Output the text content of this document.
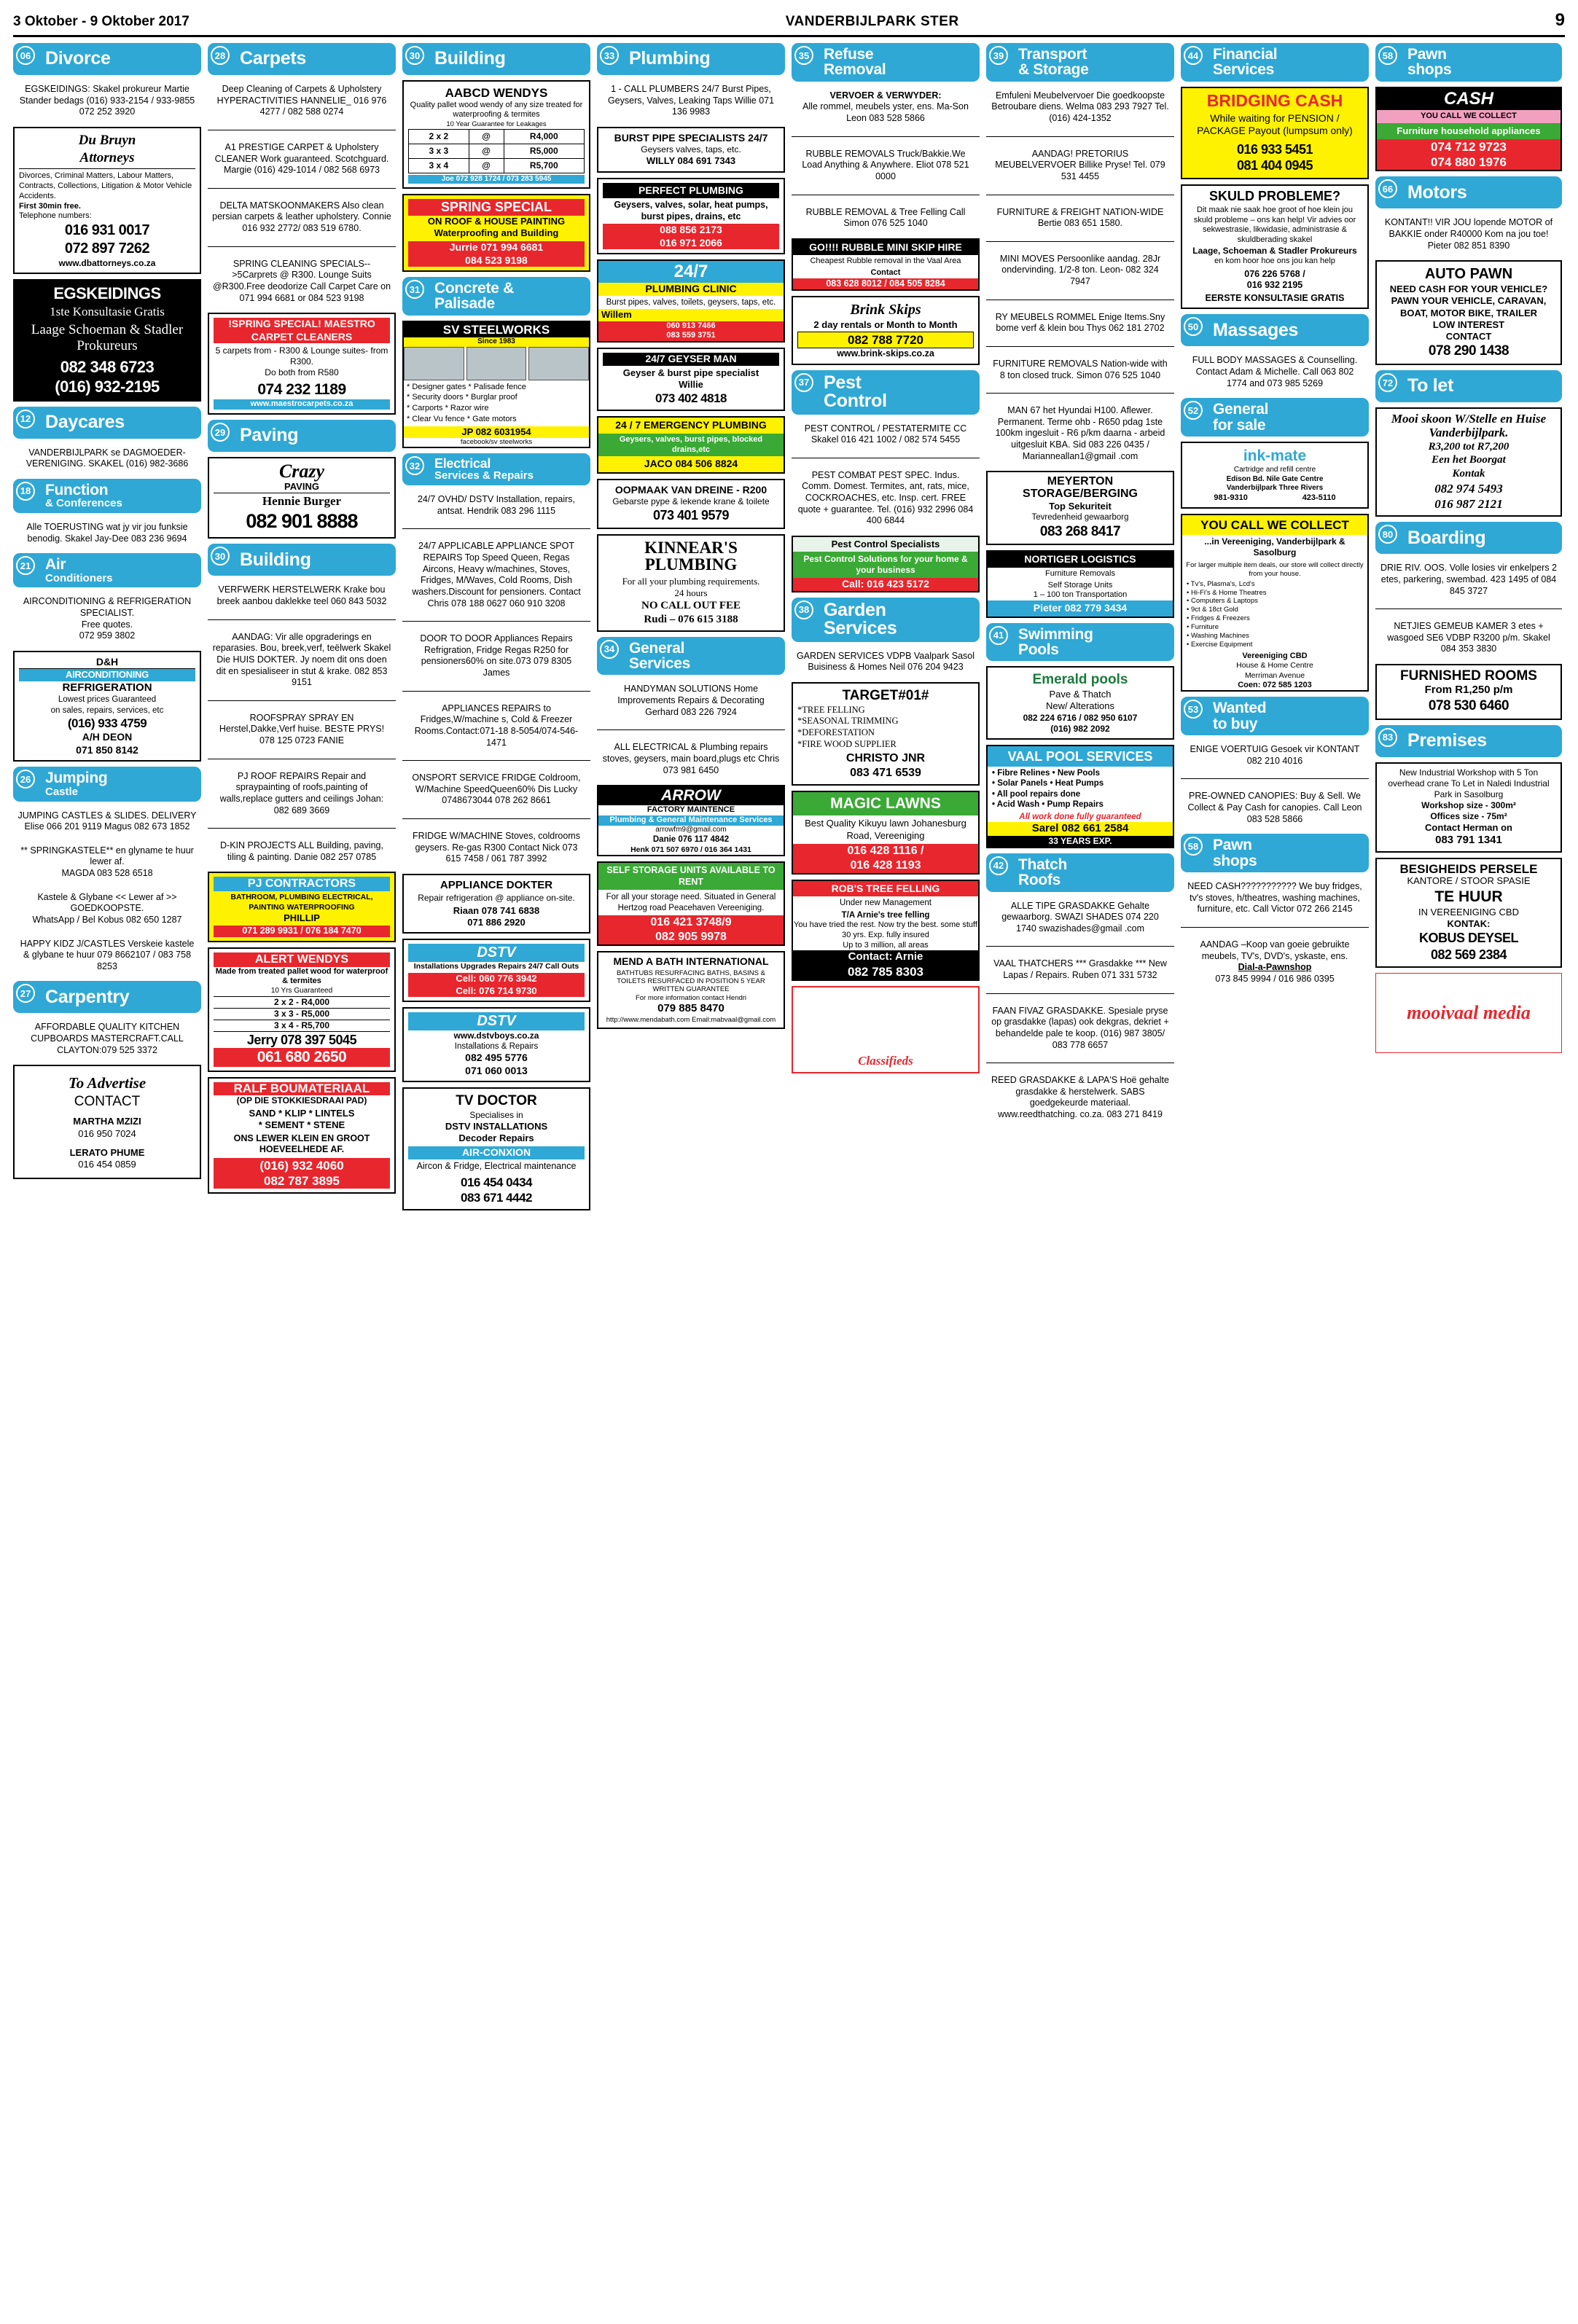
3 Oktober - 9 Oktober 2017	VANDERBIJLPARK STER	9
06 Divorce
EGSKEIDINGS: Skakel prokureur Martie Stander bedags (016) 933-2154 / 933-9855 072 252 3920
Du Bruyn
Attorneys
Divorces, Criminal Matters, Labour Matters, Contracts, Collections, Litigation & Motor Vehicle Accidents.
First 30min free.
Telephone numbers:
016 931 0017
072 897 7262
www.dbattorneys.co.za
EGSKEIDINGS
1ste Konsultasie Gratis
Laage Schoeman & Stadler Prokureurs
082 348 6723
(016) 932-2195
12 Daycares
VANDERBIJLPARK se DAGMOEDER-VERENIGING. SKAKEL (016) 982-3686
18 Function
& Conferences
Alle TOERUSTING wat jy vir jou funksie benodig. Skakel Jay-Dee 083 236 9694
21 Air
Conditioners
AIRCONDITIONING & REFRIGERATION SPECIALIST.
Free quotes.
072 959 3802
D&H
AIRCONDITIONING
REFRIGERATION
Lowest prices Guaranteed
on sales, repairs, services, etc
(016) 933 4759
A/H DEON
071 850 8142
26 Jumping
Castle
JUMPING CASTLES & SLIDES. DELIVERY Elise 066 201 9119 Magus 082 673 1852
** SPRINGKASTELE** en glyname te huur lewer af.
MAGDA 083 528 6518
Kastele & Glybane << Lewer af >> GOEDKOOPSTE.
WhatsApp / Bel Kobus 082 650 1287
HAPPY KIDZ J/CASTLES Verskeie kastele & glybane te huur 079 8662107 / 083 758 8253
27 Carpentry
AFFORDABLE QUALITY KITCHEN CUPBOARDS MASTERCRAFT.CALL CLAYTON:079 525 3372
To Advertise
CONTACT
MARTHA MZIZI
016 950 7024
LERATO PHUME
016 454 0859
28 Carpets
Deep Cleaning of Carpets & Upholstery HYPERACTIVITIES HANNELIE_ 016 976 4277 / 082 588 0274
A1 PRESTIGE CARPET & Upholstery CLEANER Work guaranteed. Scotchguard. Margie (016) 429-1014 / 082 568 6973
DELTA MATSKOONMAKERS Also clean persian carpets & leather upholstery. Connie 016 932 2772/ 083 519 6780.
SPRING CLEANING SPECIALS-->5Carprets @ R300. Lounge Suits @R300.Free deodorize Call Carpet Care on 071 994 6681 or 084 523 9198
!SPRING SPECIAL! MAESTRO CARPET CLEANERS
5 carpets from - R300 & Lounge suites- from R300.
Do both from R580
074 232 1189
www.maestrocarpets.co.za
29 Paving
Crazy
PAVING
Hennie Burger
082 901 8888
30 Building
VERFWERK HERSTELWERK Krake bou breek aanbou daklekke teel 060 843 5032
AANDAG: Vir alle opgraderings en reparasies. Bou, breek,verf, teëlwerk Skakel Die HUIS DOKTER. Jy noem dit ons doen dit en spesialiseer in stut & krake. 082 853 9151
ROOFSPRAY SPRAY EN Herstel,Dakke,Verf huise. BESTE PRYS! 078 125 0723 FANIE
PJ ROOF REPAIRS Repair and spraypainting of roofs,painting of walls,replace gutters and ceilings Johan: 082 689 3669
D-KIN PROJECTS ALL Building, paving, tiling & painting. Danie 082 257 0785
PJ CONTRACTORS
BATHROOM, PLUMBING ELECTRICAL, PAINTING WATERPROOFING
PHILLIP
071 289 9931 / 076 184 7470
ALERT WENDYS
Made from treated pallet wood for waterproof & termites
10 Yrs Guaranteed
2 x 2 - R4,000
3 x 3 - R5,000
3 x 4 - R5,700
Jerry 078 397 5045
061 680 2650
RALF BOUMATERIAAL
(OP DIE STOKKIESDRAAI PAD)
SAND * KLIP * LINTELS
* SEMENT * STENE
ONS LEWER KLEIN EN GROOT HOEVEELHEDE AF.
(016) 932 4060
082 787 3895
30 Building
AABCD WENDYS
Quality pallet wood wendy of any size treated for waterproofing & termites
10 Year Guarantee for Leakages
2 x 2	@	R4,000
3 x 3	@	R5,000
3 x 4	@	R5,700
Joe 072 928 1724 / 073 283 5945
SPRING SPECIAL
ON ROOF & HOUSE PAINTING
Waterproofing and Building
Jurrie 071 994 6681
084 523 9198
31 Concrete &
Palisade
SV STEELWORKS
Since 1983
* Designer gates * Palisade fence
* Security doors * Burglar proof
* Carports * Razor wire
* Clear Vu fence * Gate motors
JP 082 6031954
facebook/sv steelworks
32	Electrical
Services & Repairs
24/7 OVHD/ DSTV Installation, repairs, antsat. Hendrik 083 296 1115
24/7 APPLICABLE APPLIANCE SPOT REPAIRS Top Speed Queen, Regas Aircons, Heavy w/machines, Stoves, Fridges, M/Waves, Cold Rooms, Dish washers.Discount for pensioners. Contact Chris 078 188 0627 060 910 3208
DOOR TO DOOR Appliances Repairs Refrigration, Fridge Regas R250 for pensioners60% on site.073 079 8305 James
APPLIANCES REPAIRS to Fridges,W/machine s, Cold & Freezer Rooms.Contact:071-18 8-5054/074-546-1471
ONSPORT SERVICE FRIDGE Coldroom, W/Machine SpeedQueen60% Dis Lucky 0748673044 078 262 8661
FRIDGE W/MACHINE Stoves, coldrooms geysers. Re-gas R300 Contact Nick 073 615 7458 / 061 787 3992
APPLIANCE DOKTER
Repair refrigeration @ appliance on-site.
Riaan 078 741 6838
071 886 2920
DSTV
Installations Upgrades Repairs 24/7 Call Outs
Cell: 060 776 3942
Cell: 076 714 9730
DSTV
www.dstvboys.co.za
Installations & Repairs
082 495 5776
071 060 0013
TV DOCTOR
Specialises in
DSTV INSTALLATIONS
Decoder Repairs
AIR-CONXION
Aircon & Fridge, Electrical maintenance
016 454 0434
083 671 4442
33 Plumbing
1 - CALL PLUMBERS 24/7 Burst Pipes, Geysers, Valves, Leaking Taps Willie 071 136 9983
BURST PIPE SPECIALISTS 24/7
Geysers valves, taps, etc.
WILLY 084 691 7343
PERFECT PLUMBING
Geysers, valves, solar, heat pumps, burst pipes, drains, etc
088 856 2173
016 971 2066
24/7
PLUMBING CLINIC
Burst pipes, valves, toilets, geysers, taps, etc.
Willem
060 913 7466
083 559 3751
24/7 GEYSER MAN
Geyser & burst pipe specialist
Willie
073 402 4818
24 / 7 EMERGENCY PLUMBING
Geysers, valves, burst pipes, blocked drains,etc
JACO 084 506 8824
OOPMAAK VAN DREINE - R200
Gebarste pype & lekende krane & toilete
073 401 9579
KINNEAR'S PLUMBING
For all your plumbing requirements.
24 hours
NO CALL OUT FEE
Rudi – 076 615 3188
34 General
Services
HANDYMAN SOLUTIONS Home Improvements Repairs & Decorating Gerhard 083 226 7924
ALL ELECTRICAL & Plumbing repairs stoves, geysers, main board,plugs etc Chris 073 981 6450
ARROW
FACTORY MAINTENCE
Plumbing & General Maintenance Services
arrowfm9@gmail.com
Danie 076 117 4842
Henk 071 507 6970 / 016 364 1431
SELF STORAGE UNITS AVAILABLE TO RENT
For all your storage need. Situated in General Hertzog road Peacehaven Vereeniging.
016 421 3748/9
082 905 9978
MEND A BATH INTERNATIONAL
BATHTUBS RESURFACING BATHS, BASINS & TOILETS RESURFACED IN POSITION 5 YEAR WRITTEN GUARANTEE
For more information contact Hendri
079 885 8470
http://www.mendabath.com Email:mabvaal@gmail.com
35 Refuse
Removal
VERVOER & VERWYDER:
Alle rommel, meubels yster, ens. Ma-Son Leon 083 528 5866
RUBBLE REMOVALS Truck/Bakkie.We Load Anything & Anywhere. Eliot 078 521 0000
RUBBLE REMOVAL & Tree Felling Call Simon 076 525 1040
GO!!!! RUBBLE MINI SKIP HIRE
Cheapest Rubble removal in the Vaal Area
Contact
083 628 8012 / 084 505 8284
Brink Skips
2 day rentals or Month to Month
082 788 7720
www.brink-skips.co.za
37 Pest
Control
PEST CONTROL / PESTATERMITE CC Skakel 016 421 1002 / 082 574 5455
PEST COMBAT PEST SPEC. Indus. Comm. Domest. Termites, ant, rats, mice, COCKROACHES, etc. Insp. cert. FREE quote + guarantee. Tel. (016) 932 2996 084 400 6844
Pest Control Specialists
Pest Control Solutions for your home & your business
Call: 016 423 5172
38 Garden
Services
GARDEN SERVICES VDPB Vaalpark Sasol Buisiness & Homes Neil 076 204 9423
TARGET#01#
*TREE FELLING
*SEASONAL TRIMMING
*DEFORESTATION
*FIRE WOOD SUPPLIER
CHRISTO JNR
083 471 6539
MAGIC LAWNS
Best Quality Kikuyu lawn Johanesburg Road, Vereeniging
016 428 1116 /
016 428 1193
ROB'S TREE FELLING
Under new Management
T/A Arnie's tree felling
You have tried the rest. Now try the best. some stuff
30 yrs. Exp. fully insured
Up to 3 million, all areas
Contact: Arnie
082 785 8303
Classifieds
39 Transport
& Storage
Emfuleni Meubelvervoer Die goedkoopste Betroubare diens. Welma 083 293 7927 Tel. (016) 424-1352
AANDAG! PRETORIUS MEUBELVERVOER Billike Pryse! Tel. 079 531 4455
FURNITURE & FREIGHT NATION-WIDE Bertie 083 651 1580.
MINI MOVES Persoonlike aandag. 28Jr ondervinding. 1/2-8 ton. Leon- 082 324 7947
RY MEUBELS ROMMEL Enige Items.Sny bome verf & klein bou Thys 062 181 2702
FURNITURE REMOVALS Nation-wide with 8 ton closed truck. Simon 076 525 1040
MAN 67 het Hyundai H100. Aflewer. Permanent. Terme ohb - R650 pdag 1ste 100km ingesluit - R6 p/km daarna - arbeid uitgesluit KBA. Sid 083 226 0435 / Marianneallan1@gmail .com
MEYERTON STORAGE/BERGING
Top Sekuriteit
Tevredenheid gewaarborg
083 268 8417
NORTIGER LOGISTICS
Furniture Removals
Self Storage Units
1 – 100 ton Transportation
Pieter 082 779 3434
41 Swimming
Pools
Emerald pools
Pave & Thatch
New/ Alterations
082 224 6716 / 082 950 6107
(016) 982 2092
VAAL POOL SERVICES
• Fibre Relines • New Pools
• Solar Panels • Heat Pumps
• All pool repairs done
• Acid Wash • Pump Repairs
All work done fully guaranteed
Sarel 082 661 2584
33 YEARS EXP.
42 Thatch
Roofs
ALLE TIPE GRASDAKKE Gehalte gewaarborg. SWAZI SHADES 074 220 1740 swazishades@gmail .com
VAAL THATCHERS *** Grasdakke *** New Lapas / Repairs. Ruben 071 331 5732
FAAN FIVAZ GRASDAKKE. Spesiale pryse op grasdakke (lapas) ook dekgras, dekriet + behandelde pale te koop. (016) 987 3805/ 083 778 6657
REED GRASDAKKE & LAPA'S Hoë gehalte grasdakke & herstelwerk. SABS goedgekeurde materiaal. www.reedthatching. co.za. 083 271 8419
44 Financial
Services
BRIDGING CASH
While waiting for PENSION / PACKAGE Payout (lumpsum only)
016 933 5451
081 404 0945
SKULD PROBLEME?
Dit maak nie saak hoe groot of hoe klein jou skuld probleme – ons kan help! Vir advies oor sekwestrasie, likwidasie, administrasie & skuldberading skakel
Laage, Schoeman & Stadler Prokureurs
en kom hoor hoe ons jou kan help
076 226 5768 /
016 932 2195
EERSTE KONSULTASIE GRATIS
50 Massages
FULL BODY MASSAGES & Counselling. Contact Adam & Michelle. Call 063 802 1774 and 073 985 5269
52 General
for sale
ink-mate
Cartridge and refill centre
Edison Bd. Nile Gate Centre
Vanderbijlpark Three Rivers
981-9310	423-5110
YOU CALL WE COLLECT
...in Vereeniging, Vanderbijlpark & Sasolburg
For larger multiple item deals, our store will collect directly from your house.
• Tv's, Plasma's, Lcd's
• Hi-Fi's & Home Theatres
• Computers & Laptops
• 9ct & 18ct Gold
• Fridges & Freezers
• Furniture
• Washing Machines
• Exercise Equipment
Vereeniging CBD
House & Home Centre
Merriman Avenue
Coen: 072 585 1203
53 Wanted
to buy
ENIGE VOERTUIG Gesoek vir KONTANT 082 210 4016
PRE-OWNED CANOPIES: Buy & Sell. We Collect & Pay Cash for canopies. Call Leon 083 528 5866
58 Pawn
shops
NEED CASH??????????? We buy fridges, tv's stoves, h/theatres, washing machines, furniture, etc. Call Victor 072 266 2145
AANDAG –Koop van goeie gebruikte meubels, TV's, DVD's, yskaste, ens.
Dial-a-Pawnshop
073 845 9994 / 016 986 0395
58 Pawn
shops
CASH
YOU CALL WE COLLECT
Furniture household appliances
074 712 9723
074 880 1976
66 Motors
KONTANT!! VIR JOU lopende MOTOR of BAKKIE onder R40000 Kom na jou toe! Pieter 082 851 8390
AUTO PAWN
NEED CASH FOR YOUR VEHICLE?
PAWN YOUR VEHICLE, CARAVAN, BOAT, MOTOR BIKE, TRAILER
LOW INTEREST
CONTACT
078 290 1438
72 To let
Mooi skoon W/Stelle en Huise Vanderbijlpark.
R3,200 tot R7,200
Een het Boorgat
Kontak
082 974 5493
016 987 2121
80 Boarding
DRIE RIV. OOS. Volle losies vir enkelpers 2 etes, parkering, swembad. 423 1495 of 084 845 3727
NETJIES GEMEUB KAMER 3 etes + wasgoed SE6 VDBP R3200 p/m. Skakel 084 353 3830
FURNISHED ROOMS
From R1,250 p/m
078 530 6460
83 Premises
New Industrial Workshop with 5 Ton overhead crane To Let in Naledi Industrial Park in Sasolburg
Workshop size - 300m²
Offices size - 75m²
Contact Herman on
083 791 1341
BESIGHEIDS PERSELE
KANTORE / STOOR SPASIE
TE HUUR
IN VEREENIGING CBD
KONTAK:
KOBUS DEYSEL
082 569 2384
mooivaal media
